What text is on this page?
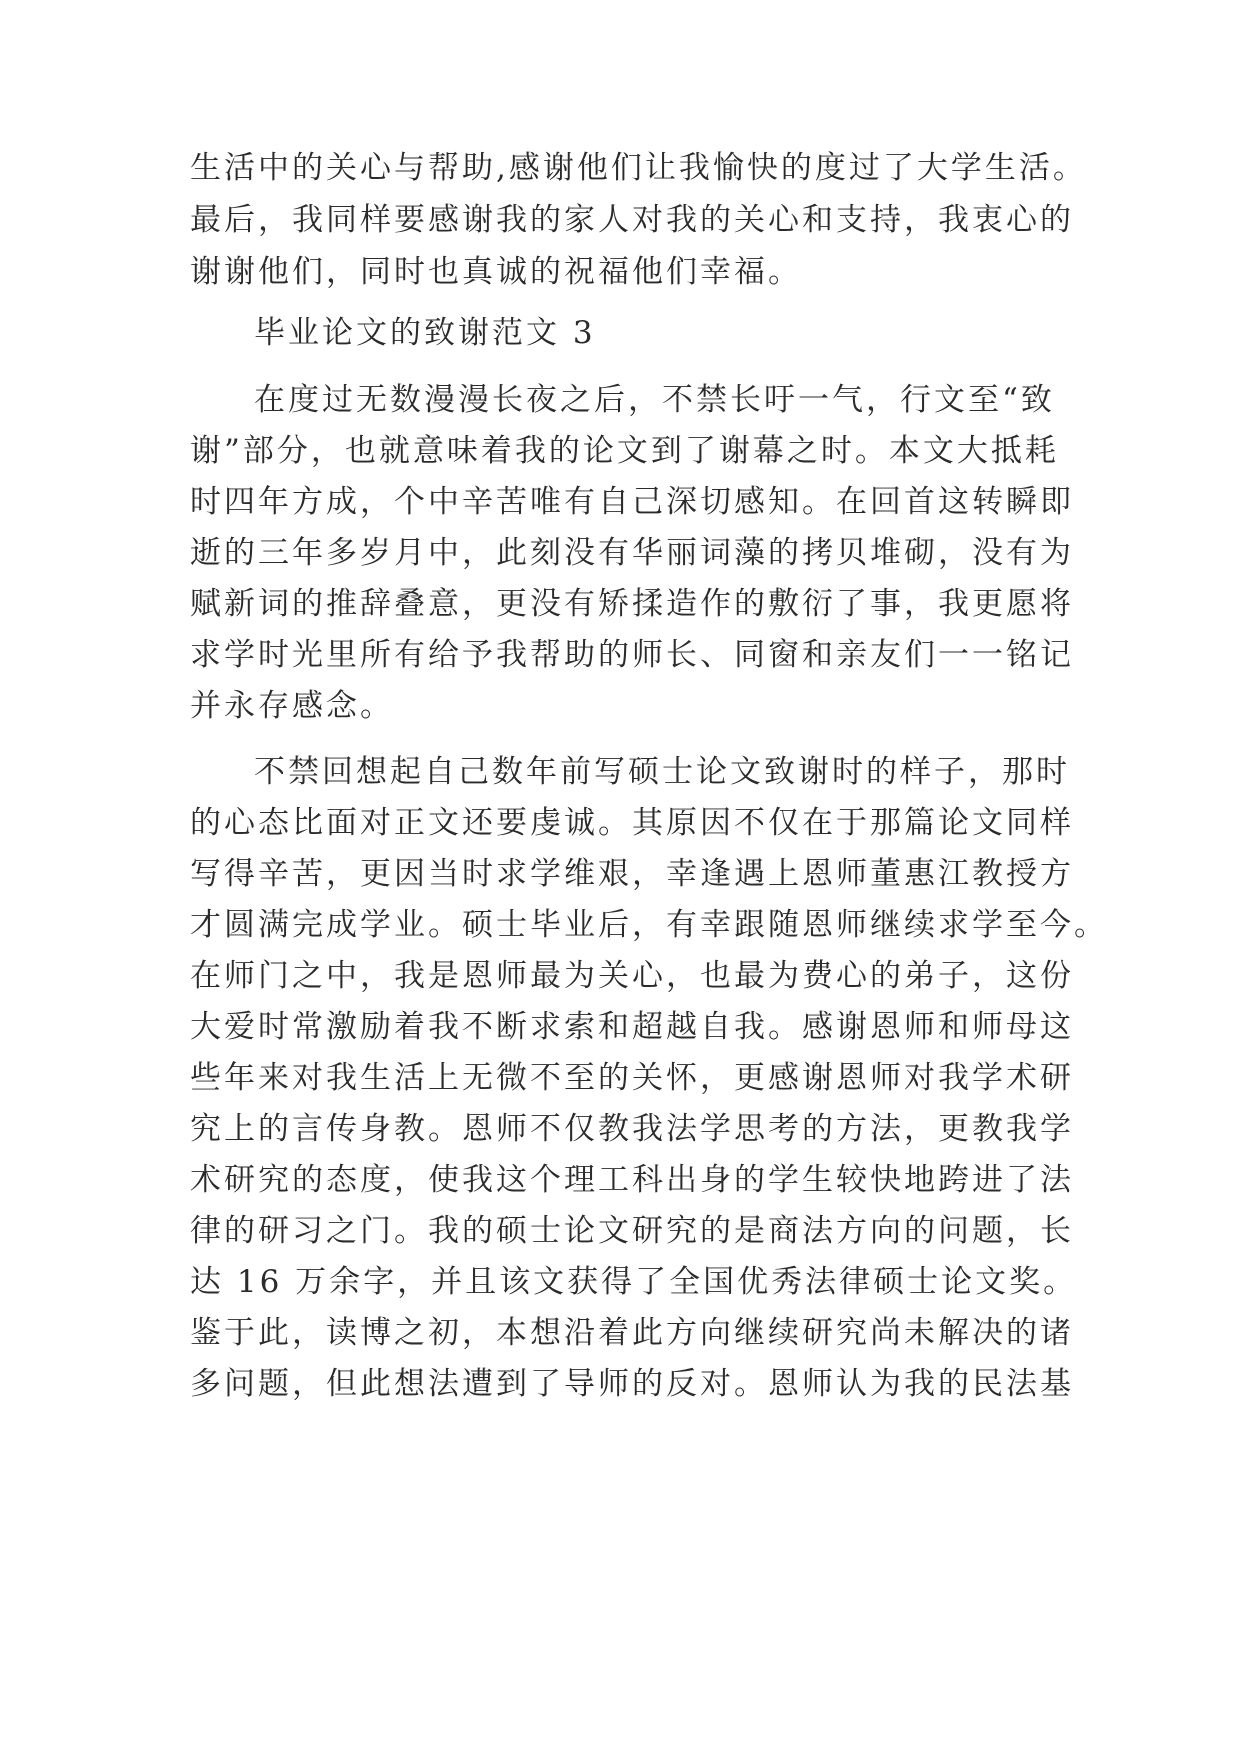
生活中的关心与帮助,感谢他们让我愉快的度过了大学生活。
最后，我同样要感谢我的家人对我的关心和支持，我衷心的
谢谢他们，同时也真诚的祝福他们幸福。
毕业论文的致谢范文 3
在度过无数漫漫长夜之后，不禁长吁一气，行文至“致
谢”部分，也就意味着我的论文到了谢幕之时。本文大抵耗
时四年方成，个中辛苦唯有自己深切感知。在回首这转瞬即
逝的三年多岁月中，此刻没有华丽词藻的拷贝堆砌，没有为
赋新词的推辞叠意，更没有矫揉造作的敷衍了事，我更愿将
求学时光里所有给予我帮助的师长、同窗和亲友们一一铭记
并永存感念。
不禁回想起自己数年前写硕士论文致谢时的样子，那时
的心态比面对正文还要虔诚。其原因不仅在于那篇论文同样
写得辛苦，更因当时求学维艰，幸逢遇上恩师董惠江教授方
才圆满完成学业。硕士毕业后，有幸跟随恩师继续求学至今。
在师门之中，我是恩师最为关心，也最为费心的弟子，这份
大爱时常激励着我不断求索和超越自我。感谢恩师和师母这
些年来对我生活上无微不至的关怀，更感谢恩师对我学术研
究上的言传身教。恩师不仅教我法学思考的方法，更教我学
术研究的态度，使我这个理工科出身的学生较快地跨进了法
律的研习之门。我的硕士论文研究的是商法方向的问题，长
达 16 万余字，并且该文获得了全国优秀法律硕士论文奖。
鉴于此，读博之初，本想沿着此方向继续研究尚未解决的诸
多问题，但此想法遭到了导师的反对。恩师认为我的民法基
